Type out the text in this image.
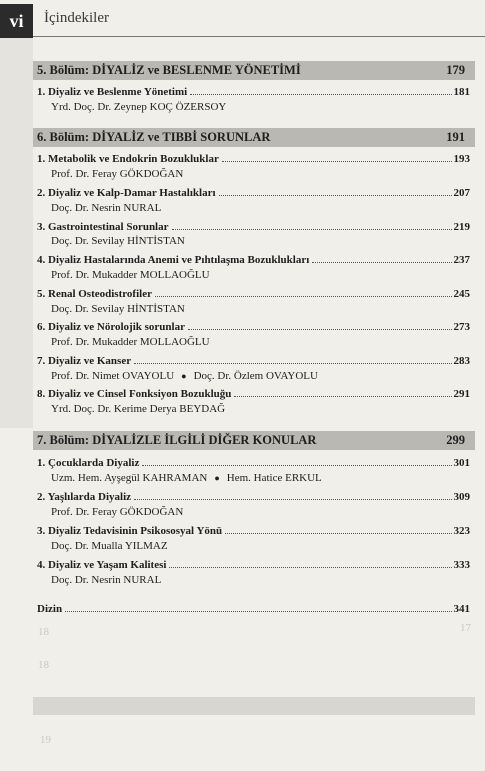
vi İçindekiler
5. Bölüm: DİYALİZ ve BESLENME YÖNETİMİ	179
1. Diyaliz ve Beslenme Yönetimi	181
Yrd. Doç. Dr. Zeynep KOÇ ÖZERSOY
6. Bölüm: DİYALİZ ve TIBBİ SORUNLAR	191
1. Metabolik ve Endokrin Bozukluklar	193
Prof. Dr. Feray GÖKDOĞAN
2. Diyaliz ve Kalp-Damar Hastalıkları	207
Doç. Dr. Nesrin NURAL
3. Gastrointestinal Sorunlar	219
Doç. Dr. Sevilay HİNTİSTAN
4. Diyaliz Hastalarında Anemi ve Pıhtılaşma Bozuklukları	237
Prof. Dr. Mukadder MOLLAOĞLU
5. Renal Osteodistrofiler	245
Doç. Dr. Sevilay HİNTİSTAN
6. Diyaliz ve Nörolojik sorunlar	273
Prof. Dr. Mukadder MOLLAOĞLU
7. Diyaliz ve Kanser	283
Prof. Dr. Nimet OVAYOLU ● Doç. Dr. Özlem OVAYOLU
8. Diyaliz ve Cinsel Fonksiyon Bozukluğu	291
Yrd. Doç. Dr. Kerime Derya BEYDAĞ
7. Bölüm: DİYALİZLE İLGİLİ DİĞER KONULAR	299
1. Çocuklarda Diyaliz	301
Uzm. Hem. Ayşegül KAHRAMAN ● Hem. Hatice ERKUL
2. Yaşlılarda Diyaliz	309
Prof. Dr. Feray GÖKDOĞAN
3. Diyaliz Tedavisinin Psikososyal Yönü	323
Doç. Dr. Mualla YILMAZ
4. Diyaliz ve Yaşam Kalitesi	333
Doç. Dr. Nesrin NURAL
Dizin	341
17
18
18
19
